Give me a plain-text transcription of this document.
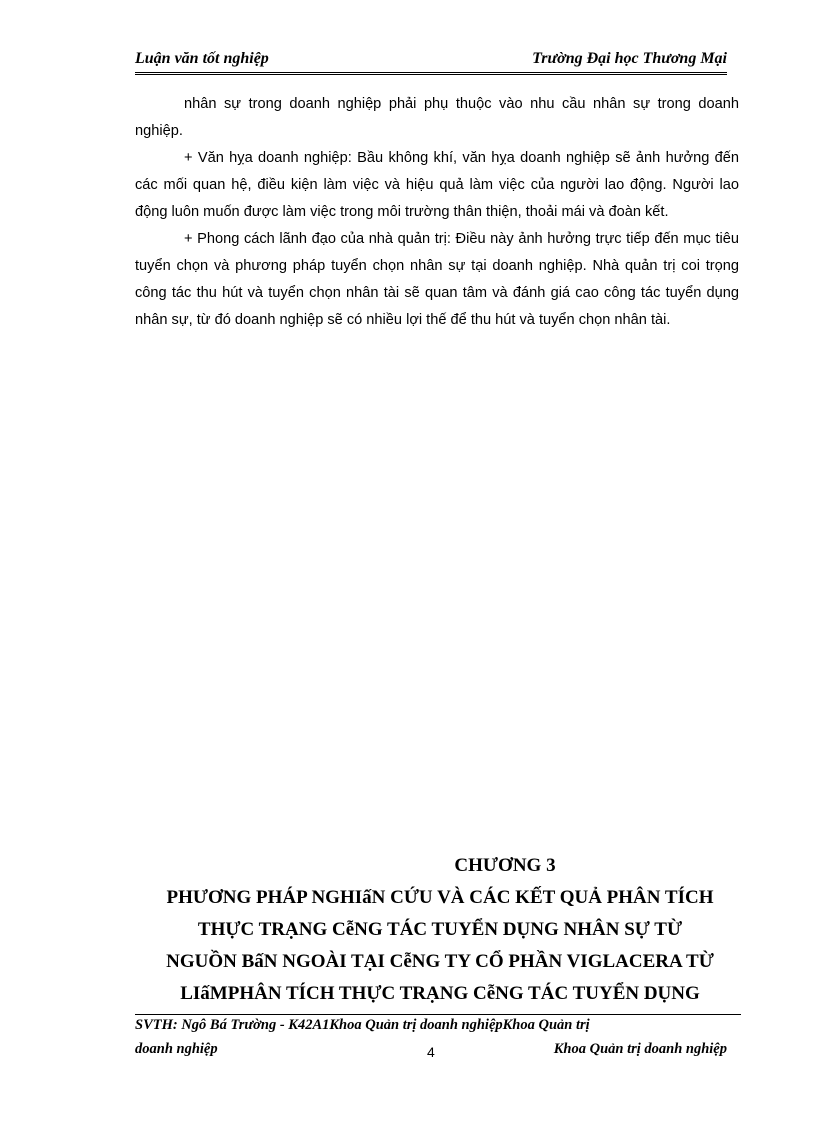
Luận văn tốt nghiệp	Trường Đại học Thương Mại

nhân sự trong doanh nghiệp phải phụ thuộc vào nhu cầu nhân sự trong doanh nghiệp.

+ Văn hỵa doanh nghiệp: Bầu không khí, văn hỵa doanh nghiệp sẽ ảnh hưởng đến các mối quan hệ, điều kiện làm việc và hiệu quả làm việc của người lao động. Người lao động luôn muốn được làm việc trong môi trường thân thiện, thoải mái và đoàn kết.

+ Phong cách lãnh đạo của nhà quản trị: Điều này ảnh hưởng trực tiếp đến mục tiêu tuyển chọn và phương pháp tuyển chọn nhân sự tại doanh nghiệp. Nhà quản trị coi trọng công tác thu hút và tuyển chọn nhân tài sẽ quan tâm và đánh giá cao công tác tuyển dụng nhân sự, từ đó doanh nghiệp sẽ có nhiều lợi thế để thu hút và tuyển chọn nhân tài.

CHƯƠNG 3
PHƯƠNG PHÁP NGHIấN CỨU VÀ CÁC KẾT QUẢ PHÂN TÍCH
THỰC TRẠNG CễNG TÁC TUYỂN DỤNG NHÂN SỰ TỪ
NGUỒN BấN NGOÀI TẠI CễNG TY CỔ PHẦN VIGLACERA TỪ
LIấMPHÂN TÍCH THỰC TRẠNG CễNG TÁC TUYỂN DỤNG
SVTH: Ngô Bá Trường - K42A1Khoa Quản trị doanh nghiệpKhoa Quản trị
doanh nghiệp	4	Khoa Quản trị doanh nghiệp
